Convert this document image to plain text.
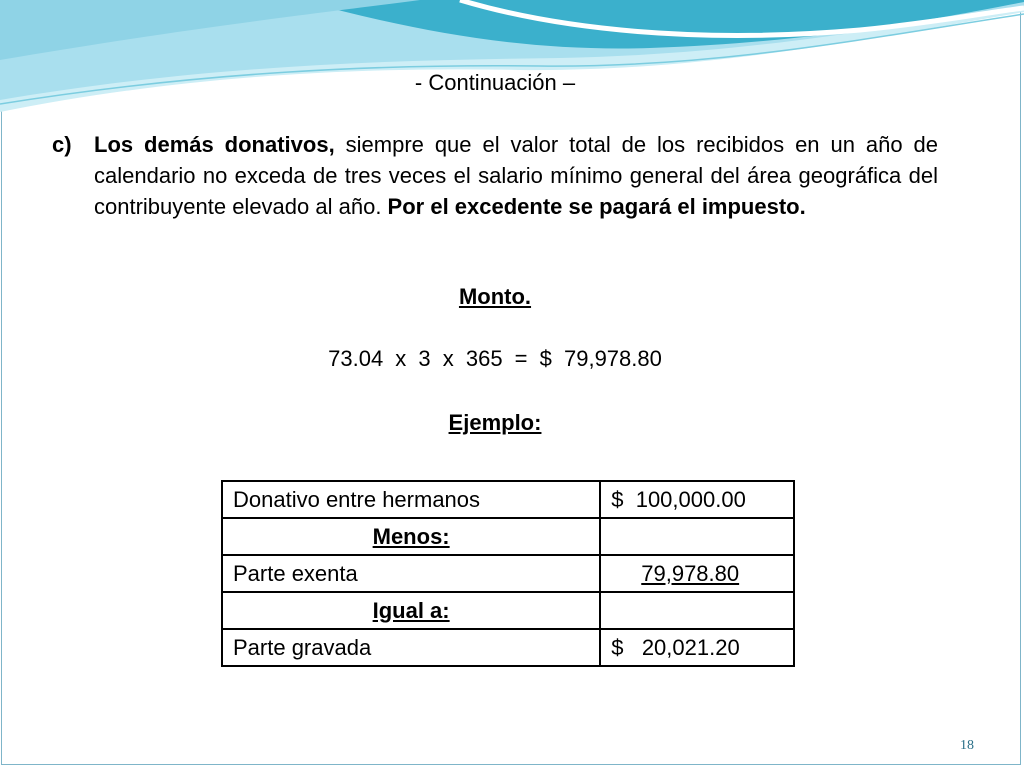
- Continuación –
c) Los demás donativos, siempre que el valor total de los recibidos en un año de calendario no exceda de tres veces el salario mínimo general del área geográfica del contribuyente elevado al año. Por el excedente se pagará el impuesto.
Monto.
73.04 x 3 x 365 = $ 79,978.80
Ejemplo:
Donativo entre hermanos	$  100,000.00
Menos:	
Parte exenta	79,978.80
Igual a:	
Parte gravada	$   20,021.20
18
